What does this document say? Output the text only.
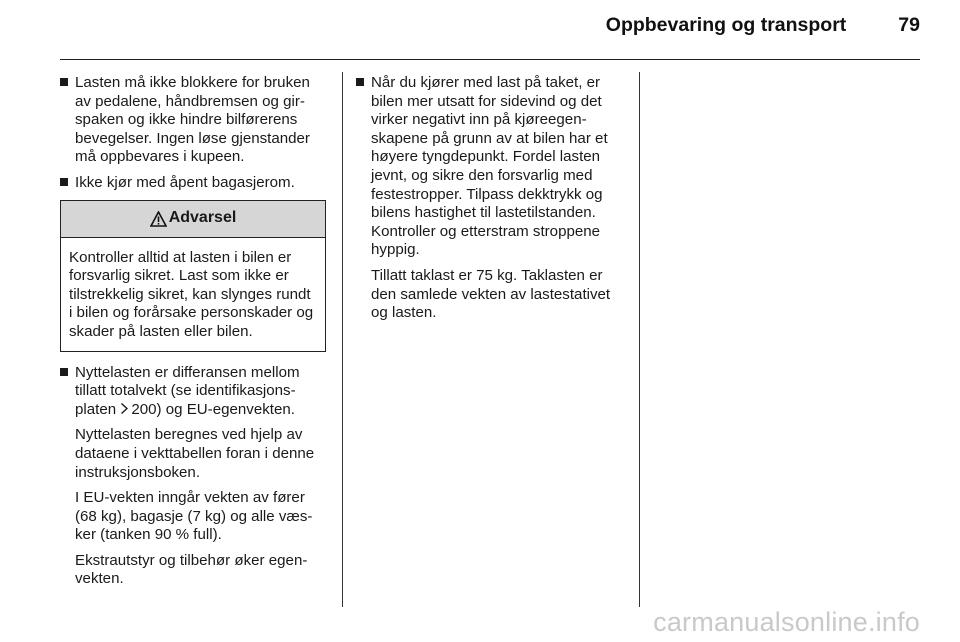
Oppbevaring og transport	79

Lasten må ikke blokkere for bruken av pedalene, håndbremsen og girspaken og ikke hindre bilførerens bevegelser. Ingen løse gjenstander må oppbevares i kupeen.

Ikke kjør med åpent bagasjerom.

Advarsel
Kontroller alltid at lasten i bilen er forsvarlig sikret. Last som ikke er tilstrekkelig sikret, kan slynges rundt i bilen og forårsake personskader og skader på lasten eller bilen.

Nyttelasten er differansen mellom tillatt totalvekt (se identifikasjonsplaten 200) og EU-egenvekten.

Nyttelasten beregnes ved hjelp av dataene i vekttabellen foran i denne instruksjonsboken.

I EU-vekten inngår vekten av fører (68 kg), bagasje (7 kg) og alle væsker (tanken 90 % full).

Ekstrautstyr og tilbehør øker egenvekten.

Når du kjører med last på taket, er bilen mer utsatt for sidevind og det virker negativt inn på kjøreegenskapene på grunn av at bilen har et høyere tyngdepunkt. Fordel lasten jevnt, og sikre den forsvarlig med festestropper. Tilpass dekktrykk og bilens hastighet til lastetilstanden. Kontroller og etterstram stroppene hyppig.

Tillatt taklast er 75 kg. Taklasten er den samlede vekten av lastestativet og lasten.

carmanualsonline.info
